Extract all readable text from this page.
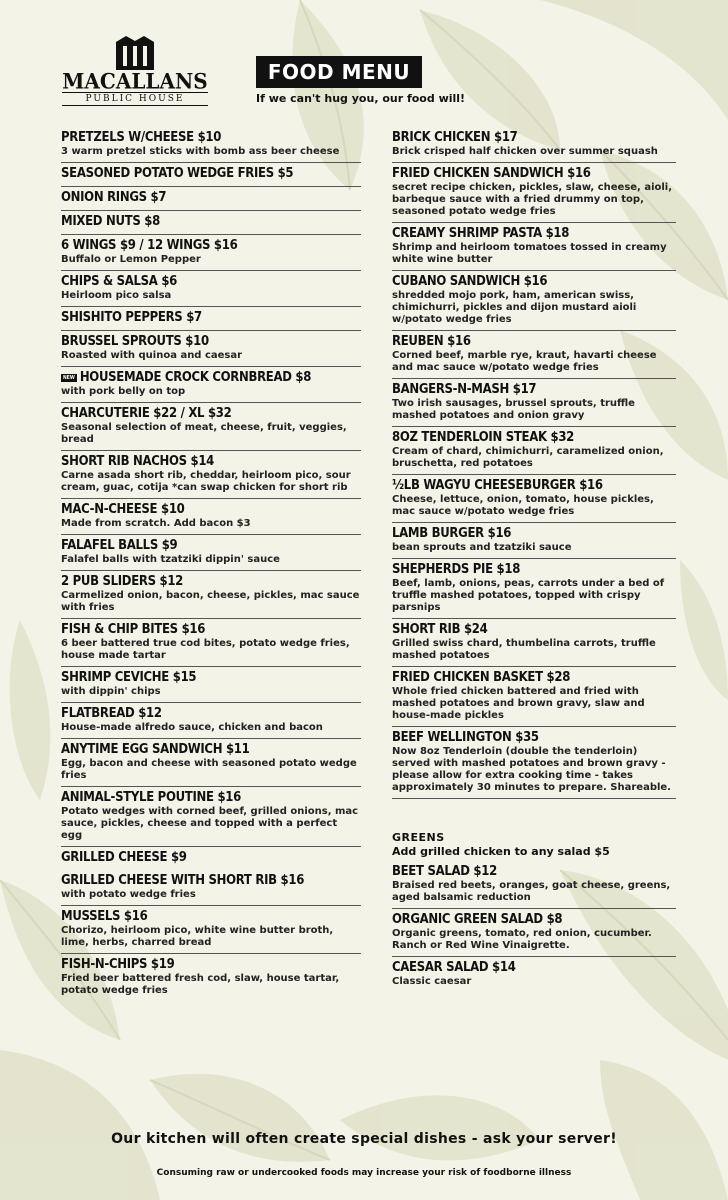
MACALLANS
PUBLIC HOUSE
FOOD MENU
If we can't hug you, our food will!
PRETZELS W/CHEESE $10
3 warm pretzel sticks with bomb ass beer cheese
SEASONED POTATO WEDGE FRIES $5
ONION RINGS $7
MIXED NUTS $8
6 WINGS $9 / 12 WINGS $16
Buffalo or Lemon Pepper
CHIPS & SALSA $6
Heirloom pico salsa
SHISHITO PEPPERS $7
BRUSSEL SPROUTS $10
Roasted with quinoa and caesar
NEW HOUSEMADE CROCK CORNBREAD $8
with pork belly on top
CHARCUTERIE $22 / XL $32
Seasonal selection of meat, cheese, fruit, veggies, bread
SHORT RIB NACHOS $14
Carne asada short rib, cheddar, heirloom pico, sour cream, guac, cotija *can swap chicken for short rib
MAC-N-CHEESE $10
Made from scratch. Add bacon $3
FALAFEL BALLS $9
Falafel balls with tzatziki dippin' sauce
2 PUB SLIDERS $12
Carmelized onion, bacon, cheese, pickles, mac sauce with fries
FISH & CHIP BITES $16
6 beer battered true cod bites, potato wedge fries, house made tartar
SHRIMP CEVICHE $15
with dippin' chips
FLATBREAD $12
House-made alfredo sauce, chicken and bacon
ANYTIME EGG SANDWICH $11
Egg, bacon and cheese with seasoned potato wedge fries
ANIMAL-STYLE POUTINE $16
Potato wedges with corned beef, grilled onions, mac sauce, pickles, cheese and topped with a perfect egg
GRILLED CHEESE $9
GRILLED CHEESE WITH SHORT RIB $16
with potato wedge fries
MUSSELS $16
Chorizo, heirloom pico, white wine butter broth, lime, herbs, charred bread
FISH-N-CHIPS $19
Fried beer battered fresh cod, slaw, house tartar, potato wedge fries
BRICK CHICKEN $17
Brick crisped half chicken over summer squash
FRIED CHICKEN SANDWICH $16
secret recipe chicken, pickles, slaw, cheese, aioli, barbeque sauce with a fried drummy on top, seasoned potato wedge fries
CREAMY SHRIMP PASTA $18
Shrimp and heirloom tomatoes tossed in creamy white wine butter
CUBANO SANDWICH $16
shredded mojo pork, ham, american swiss, chimichurri, pickles and dijon mustard aioli w/potato wedge fries
REUBEN $16
Corned beef, marble rye, kraut, havarti cheese and mac sauce w/potato wedge fries
BANGERS-N-MASH $17
Two irish sausages, brussel sprouts, truffle mashed potatoes and onion gravy
8OZ TENDERLOIN STEAK $32
Cream of chard, chimichurri, caramelized onion, bruschetta, red potatoes
½LB WAGYU CHEESEBURGER $16
Cheese, lettuce, onion, tomato, house pickles, mac sauce w/potato wedge fries
LAMB BURGER $16
bean sprouts and tzatziki sauce
SHEPHERDS PIE $18
Beef, lamb, onions, peas, carrots under a bed of truffle mashed potatoes, topped with crispy parsnips
SHORT RIB $24
Grilled swiss chard, thumbelina carrots, truffle mashed potatoes
FRIED CHICKEN BASKET $28
Whole fried chicken battered and fried with mashed potatoes and brown gravy, slaw and house-made pickles
BEEF WELLINGTON $35
Now 8oz Tenderloin (double the tenderloin) served with mashed potatoes and brown gravy - please allow for extra cooking time - takes approximately 30 minutes to prepare. Shareable.
GREENS
Add grilled chicken to any salad $5
BEET SALAD $12
Braised red beets, oranges, goat cheese, greens, aged balsamic reduction
ORGANIC GREEN SALAD $8
Organic greens, tomato, red onion, cucumber. Ranch or Red Wine Vinaigrette.
CAESAR SALAD $14
Classic caesar
Our kitchen will often create special dishes - ask your server!
Consuming raw or undercooked foods may increase your risk of foodborne illness
